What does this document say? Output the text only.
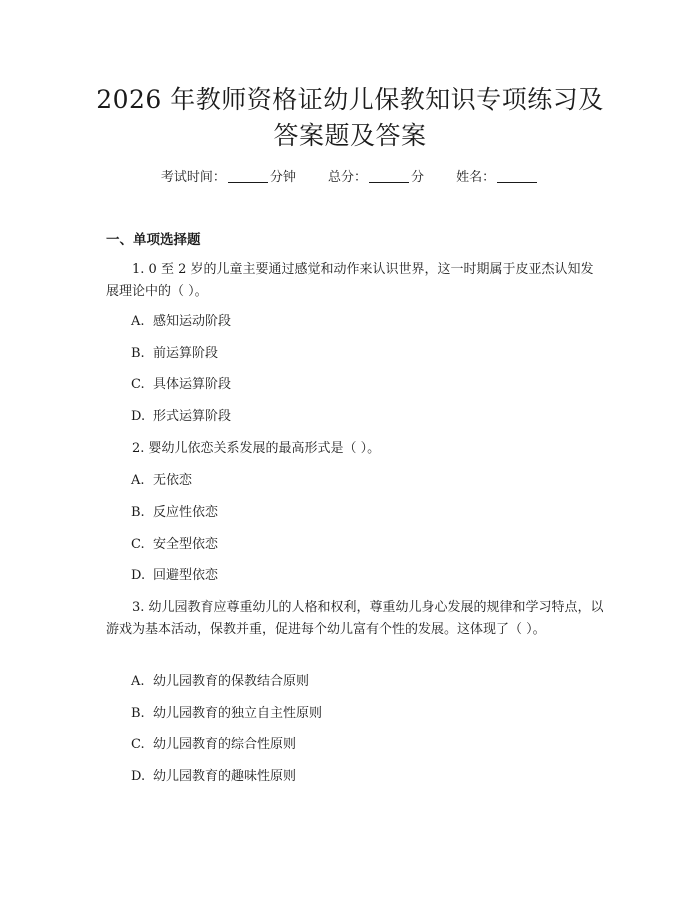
2026 年教师资格证幼儿保教知识专项练习及
答案题及答案
考试时间：	分钟 总分：	分 姓名：
一、单项选择题
1. 0 至 2 岁的儿童主要通过感觉和动作来认识世界，这一时期属于皮亚杰认知发展理论中的（ ）。
A. 感知运动阶段
B. 前运算阶段
C. 具体运算阶段
D. 形式运算阶段
2. 婴幼儿依恋关系发展的最高形式是（ ）。
A. 无依恋
B. 反应性依恋
C. 安全型依恋
D. 回避型依恋
3. 幼儿园教育应尊重幼儿的人格和权利，尊重幼儿身心发展的规律和学习特点，以游戏为基本活动，保教并重，促进每个幼儿富有个性的发展。这体现了（ ）。
A. 幼儿园教育的保教结合原则
B. 幼儿园教育的独立自主性原则
C. 幼儿园教育的综合性原则
D. 幼儿园教育的趣味性原则
